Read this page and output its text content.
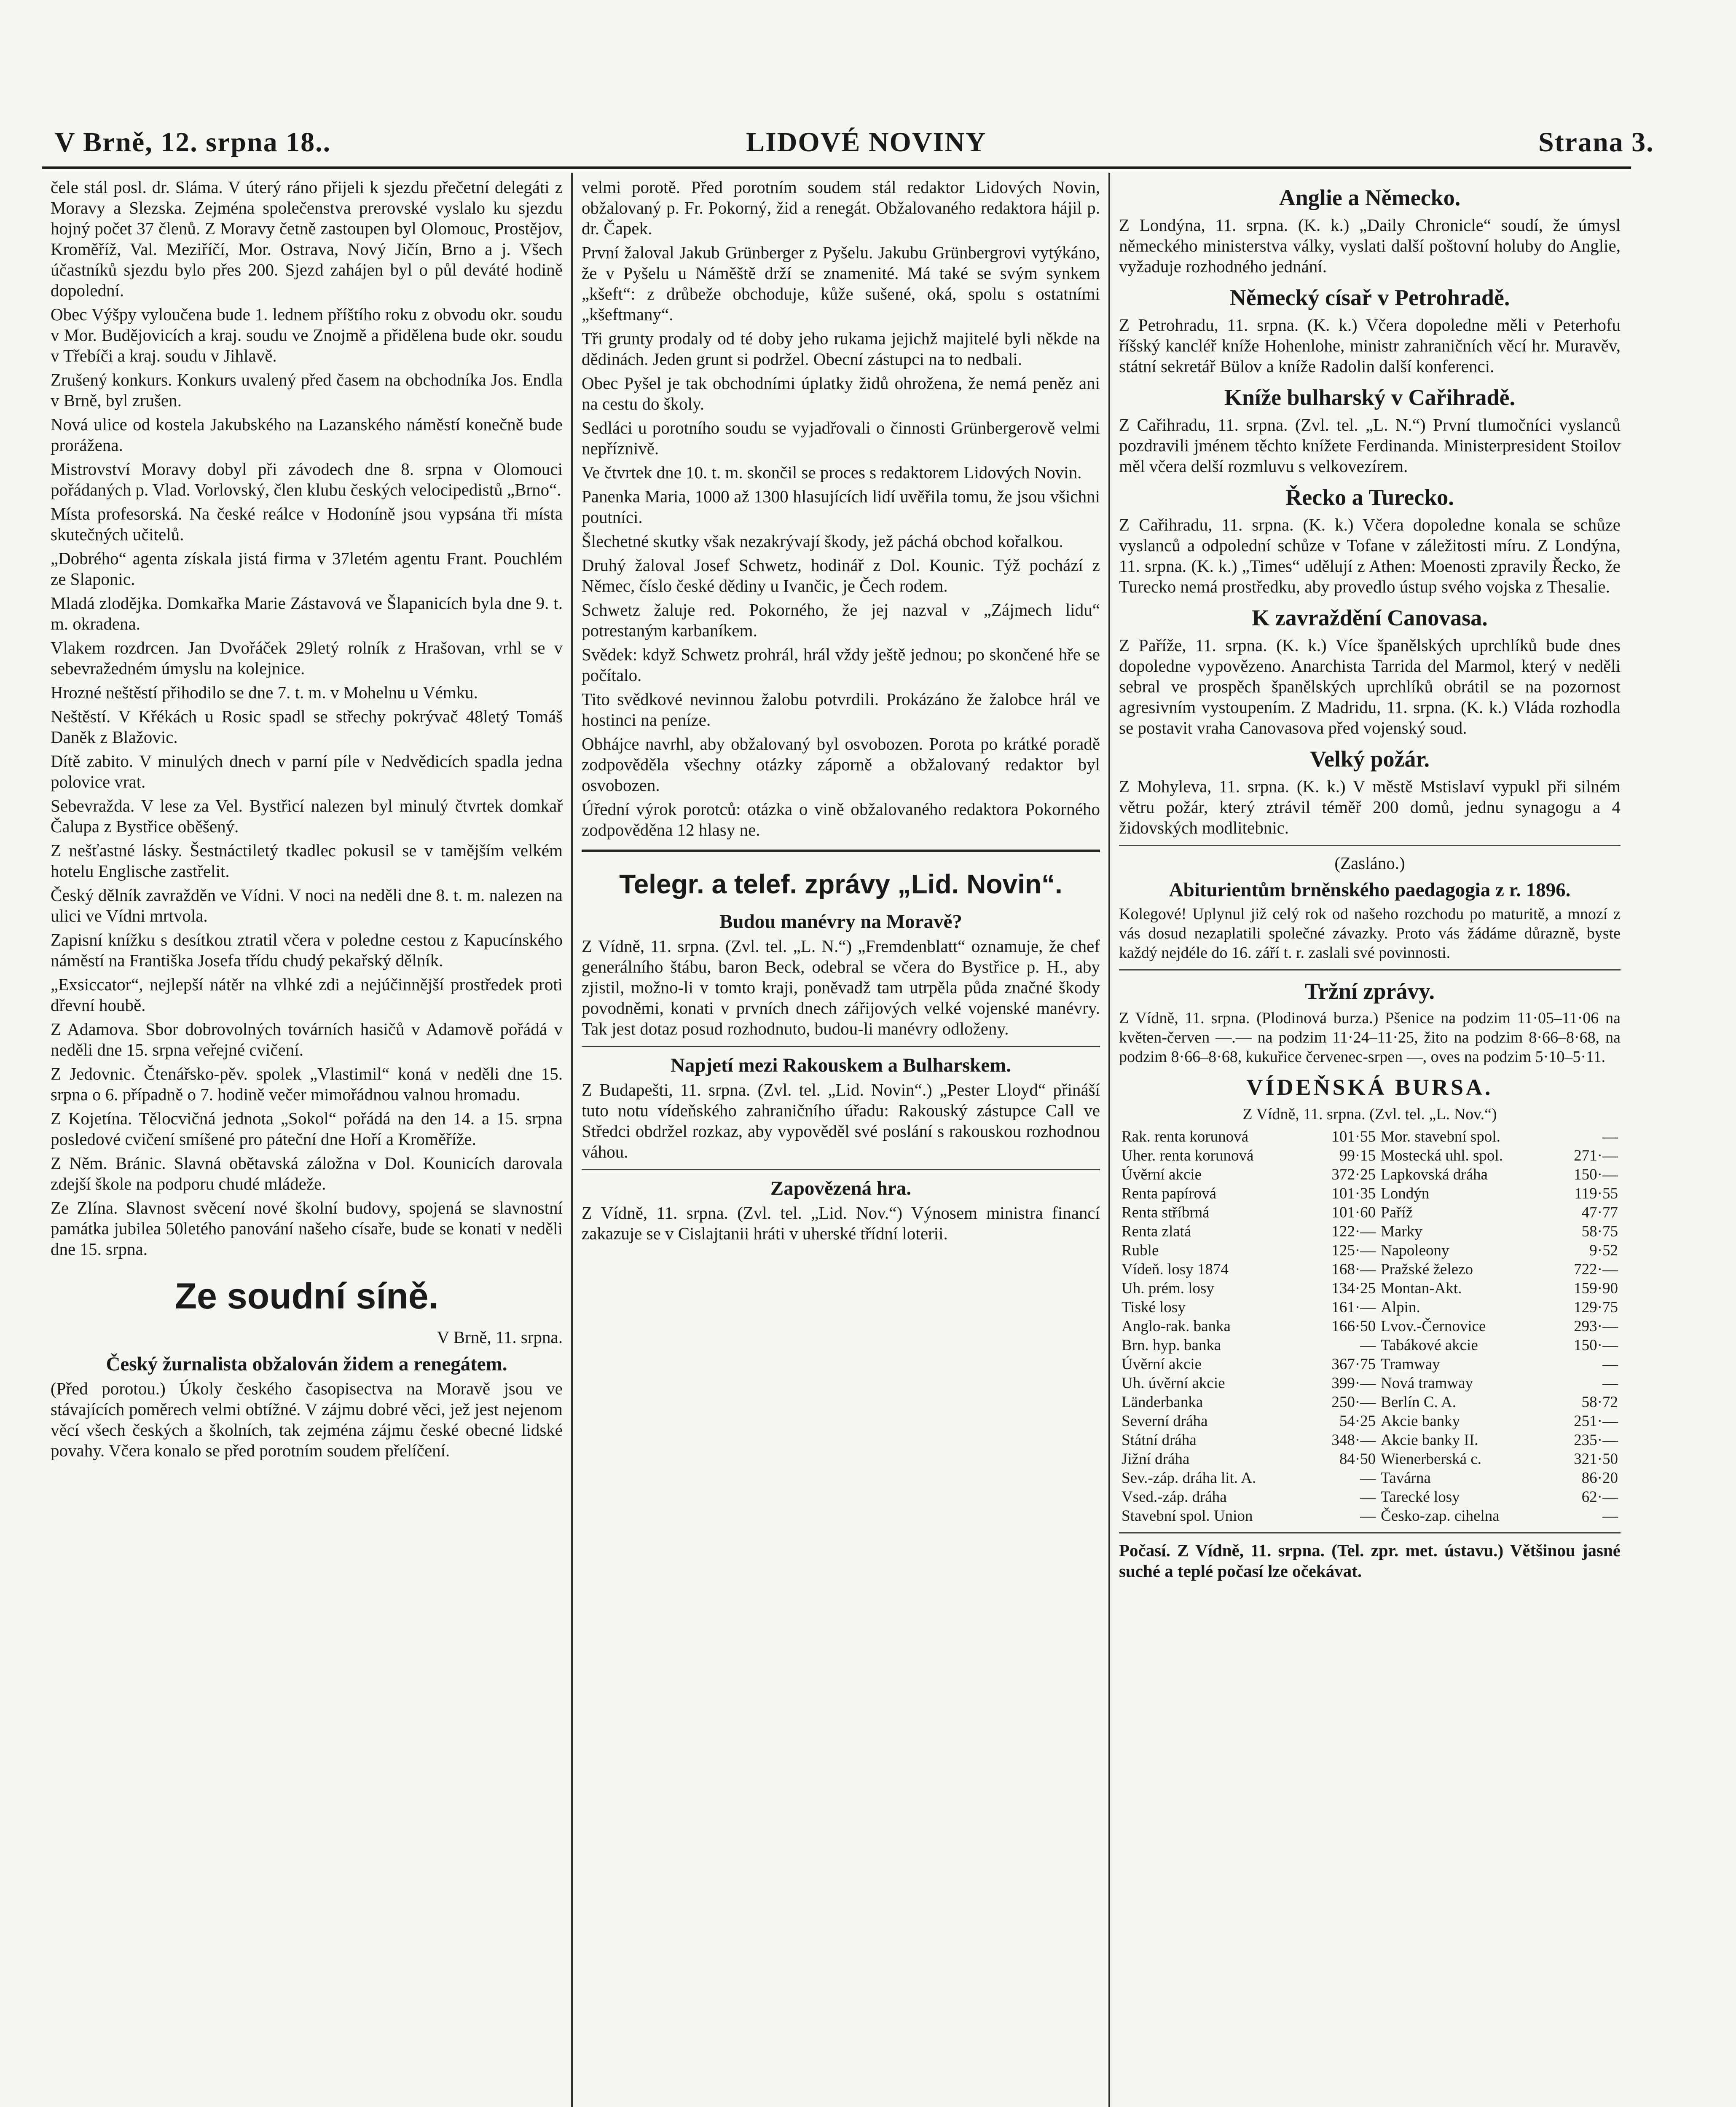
V Brně, 12. srpna 18..	LIDOVÉ NOVINY	Strana 3.

čele stál posl. dr. Sláma. V úterý ráno přijeli k sjezdu přečetní delegáti z Moravy a Slezska. Zejména společenstva prerovské vyslalo ku sjezdu hojný počet 37 členů. Z Moravy četně zastoupen byl Olomouc, Prostějov, Kroměříž, Val. Meziříčí, Mor. Ostrava, Nový Jičín, Brno a j. Všech účastníků sjezdu bylo přes 200. Sjezd zahájen byl o půl deváté hodině dopolední.

Obec Výšpy vyloučena bude 1. lednem příštího roku z obvodu okr. soudu v Mor. Budějovicích a kraj. soudu ve Znojmě a přidělena bude okr. soudu v Třebíči a kraj. soudu v Jihlavě.

Zrušený konkurs. Konkurs uvalený před časem na obchodníka Jos. Endla v Brně, byl zrušen.

Nová ulice od kostela Jakubského na Lazanského náměstí konečně bude prorážena.

Mistrovství Moravy dobyl při závodech dne 8. srpna v Olomouci pořádaných p. Vlad. Vorlovský, člen klubu českých velocipedistů „Brno“.

Místa profesorská. Na české reálce v Hodoníně jsou vypsána tři místa skutečných učitelů.

„Dobrého“ agenta získala jistá firma v 37letém agentu Frant. Pouchlém ze Slaponic.

Mladá zlodějka. Domkařka Marie Zástavová ve Šlapanicích byla dne 9. t. m. okradena.

Vlakem rozdrcen. Jan Dvořáček 29letý rolník z Hrašovan, vrhl se v sebevražedném úmyslu na kolejnice.

Hrozné neštěstí přihodilo se dne 7. t. m. v Mohelnu u Vémku.

Neštěstí. V Křékách u Rosic spadl se střechy pokrývač 48letý Tomáš Daněk z Blažovic.

Dítě zabito. V minulých dnech v parní píle v Nedvědicích spadla jedna polovice vrat.

Sebevražda. V lese za Vel. Bystřicí nalezen byl minulý čtvrtek domkař Čalupa z Bystřice oběšený.

Z nešťastné lásky. Šestnáctiletý tkadlec pokusil se v tamějším velkém hotelu Englische zastřelit.

Český dělník zavražděn ve Vídni. V noci na neděli dne 8. t. m. nalezen na ulici ve Vídni mrtvola.

Zapisní knížku s desítkou ztratil včera v poledne cestou z Kapucínského náměstí na Františka Josefa třídu chudý pekařský dělník.

„Exsiccator“, nejlepší nátěr na vlhké zdi a nejúčinnější prostředek proti dřevní houbě.

Z Adamova. Sbor dobrovolných továrních hasičů v Adamově pořádá v neděli dne 15. srpna veřejné cvičení.

Z Jedovnic. Čtenářsko-pěv. spolek „Vlastimil“ koná v neděli dne 15. srpna o 6. případně o 7. hodině večer mimořádnou valnou hromadu.

Z Kojetína. Tělocvičná jednota „Sokol“ pořádá na den 14. a 15. srpna posledové cvičení smíšené pro páteční dne Hoří a Kroměříže.

Z Něm. Bránic. Slavná obětavská záložna v Dol. Kounicích darovala zdejší škole na podporu chudé mládeže.

Ze Zlína. Slavnost svěcení nové školní budovy, spojená se slavnostní památka jubilea 50letého panování našeho císaře, bude se konati v neděli dne 15. srpna.

Ze soudní síně.

V Brně, 11. srpna.

Český žurnalista obžalován židem a renegátem.

(Před porotou.) Úkoly českého časopisectva na Moravě jsou ve stávajících poměrech velmi obtížné. V zájmu dobré věci, jež jest nejenom věcí všech českých a školních, tak zejména zájmu české obecné lidské povahy. Včera konalo se před porotním soudem přelíčení.

velmi porotě. Před porotním soudem stál redaktor Lidových Novin, obžalovaný p. Fr. Pokorný, žid a renegát. Obžalovaného redaktora hájil p. dr. Čapek.

První žaloval Jakub Grünberger z Pyšelu. Jakubu Grünbergrovi vytýkáno, že v Pyšelu u Náměště drží se znamenité. Má také se svým synkem „kšeft“: z drůbeže obchoduje, kůže sušené, oká, spolu s ostatními „kšeftmany“.

Tři grunty prodaly od té doby jeho rukama jejichž majitelé byli někde na dědinách. Jeden grunt si podržel. Obecní zástupci na to nedbali.

Obec Pyšel je tak obchodními úplatky židů ohrožena, že nemá peněz ani na cestu do školy.

Sedláci u porotního soudu se vyjadřovali o činnosti Grünbergerově velmi nepříznivě.

Ve čtvrtek dne 10. t. m. skončil se proces s redaktorem Lidových Novin.

Panenka Maria, 1000 až 1300 hlasujících lidí uvěřila tomu, že jsou všichni poutníci.

Šlechetné skutky však nezakrývají škody, jež páchá obchod kořalkou.

Druhý žaloval Josef Schwetz, hodinář z Dol. Kounic. Týž pochází z Němec, číslo české dědiny u Ivančic, je Čech rodem.

Schwetz žaluje red. Pokorného, že jej nazval v „Zájmech lidu“ potrestaným karbaníkem.

Svědek: když Schwetz prohrál, hrál vždy ještě jednou; po skončené hře se počítalo.

Tito svědkové nevinnou žalobu potvrdili. Prokázáno že žalobce hrál ve hostinci na peníze.

Obhájce navrhl, aby obžalovaný byl osvobozen. Porota po krátké poradě zodpověděla všechny otázky záporně a obžalovaný redaktor byl osvobozen.

Úřední výrok porotců: otázka o vině obžalovaného redaktora Pokorného zodpověděna 12 hlasy ne.

Telegr. a telef. zprávy „Lid. Novin“.
Budou manévry na Moravě?

Z Vídně, 11. srpna. (Zvl. tel. „L. N.“) „Fremdenblatt“ oznamuje, že chef generálního štábu, baron Beck, odebral se včera do Bystřice p. H., aby zjistil, možno-li v tomto kraji, poněvadž tam utrpěla půda značné škody povodněmi, konati v prvních dnech zářijových velké vojenské manévry. Tak jest dotaz posud rozhodnuto, budou-li manévry odloženy.

Napjetí mezi Rakouskem a Bulharskem.

Z Budapešti, 11. srpna. (Zvl. tel. „Lid. Novin“.) „Pester Lloyd“ přináší tuto notu vídeňského zahraničního úřadu: Rakouský zástupce Call ve Středci obdržel rozkaz, aby vypověděl své poslání s rakouskou rozhodnou váhou.

Zapovězená hra.

Z Vídně, 11. srpna. (Zvl. tel. „Lid. Nov.“) Výnosem ministra financí zakazuje se v Cislajtanii hráti v uherské třídní loterii.

Anglie a Německo.

Z Londýna, 11. srpna. (K. k.) „Daily Chronicle“ soudí, že úmysl německého ministerstva války, vyslati další poštovní holuby do Anglie, vyžaduje rozhodného jednání.

Německý císař v Petrohradě.

Z Petrohradu, 11. srpna. (K. k.) Včera dopoledne měli v Peterhofu říšský kancléř kníže Hohenlohe, ministr zahraničních věcí hr. Muravěv, státní sekretář Bülov a kníže Radolin další konferenci.

Kníže bulharský v Cařihradě.

Z Cařihradu, 11. srpna. (Zvl. tel. „L. N.“) První tlumočníci vyslanců pozdravili jménem těchto knížete Ferdinanda. Ministerpresident Stoilov měl včera delší rozmluvu s velkovezírem.

Řecko a Turecko.

Z Cařihradu, 11. srpna. (K. k.) Včera dopoledne konala se schůze vyslanců a odpolední schůze v Tofane v záležitosti míru. Z Londýna, 11. srpna. (K. k.) „Times“ udělují z Athen: Moenosti zpravily Řecko, že Turecko nemá prostředku, aby provedlo ústup svého vojska z Thesalie.

K zavraždění Canovasa.

Z Paříže, 11. srpna. (K. k.) Více španělských uprchlíků bude dnes dopoledne vypovězeno. Anarchista Tarrida del Marmol, který v neděli sebral ve prospěch španělských uprchlíků obrátil se na pozornost agresivním vystoupením. Z Madridu, 11. srpna. (K. k.) Vláda rozhodla se postavit vraha Canovasova před vojenský soud.

Velký požár.

Z Mohyleva, 11. srpna. (K. k.) V městě Mstislaví vypukl při silném větru požár, který ztrávil téměř 200 domů, jednu synagogu a 4 židovských modlitebnic.

(Zasláno.)

Abiturientům brněnského paedagogia z r. 1896.

Kolegové! Uplynul již celý rok od našeho rozchodu po maturitě, a mnozí z vás dosud nezaplatili společné závazky. Proto vás žádáme důrazně, byste každý nejdéle do 16. září t. r. zaslali své povinnosti.

Tržní zprávy.

Z Vídně, 11. srpna. (Plodinová burza.) Pšenice na podzim 11·05–11·06 na květen-červen —.— na podzim 11·24–11·25, žito na podzim 8·66–8·68, na podzim 8·66–8·68, kukuřice červenec-srpen —, oves na podzim 5·10–5·11.

VÍDEŇSKÁ BURSA.

Z Vídně, 11. srpna. (Zvl. tel. „L. Nov.“)

Rak. renta korunová	101·55	Mor. stavební spol.	—
Uher. renta korunová	99·15	Mostecká uhl. spol.	271·—
Úvěrní akcie	372·25	Lapkovská dráha	150·—
Renta papírová	101·35	Londýn	119·55
Renta stříbrná	101·60	Paříž	47·77
Renta zlatá	122·—	Marky	58·75
Ruble	125·—	Napoleony	9·52
Vídeň. losy 1874	168·—	Pražské železo	722·—
Uh. prém. losy	134·25	Montan-Akt.	159·90
Tiské losy	161·—	Alpin.	129·75
Anglo-rak. banka	166·50	Lvov.-Černovice	293·—
Brn. hyp. banka	—	Tabákové akcie	150·—
Úvěrní akcie	367·75	Tramway	—
Uh. úvěrní akcie	399·—	Nová tramway	—
Länderbanka	250·—	Berlín C. A.	58·72
Severní dráha	54·25	Akcie banky	251·—
Státní dráha	348·—	Akcie banky II.	235·—
Jižní dráha	84·50	Wienerberská c.	321·50
Sev.-záp. dráha lit. A.	—	Tavárna	86·20
Vsed.-záp. dráha	—	Tarecké losy	62·—
Stavební spol. Union	—	Česko-zap. cihelna	—

Počasí. Z Vídně, 11. srpna. (Tel. zpr. met. ústavu.) Většinou jasné suché a teplé počasí lze očekávat.
